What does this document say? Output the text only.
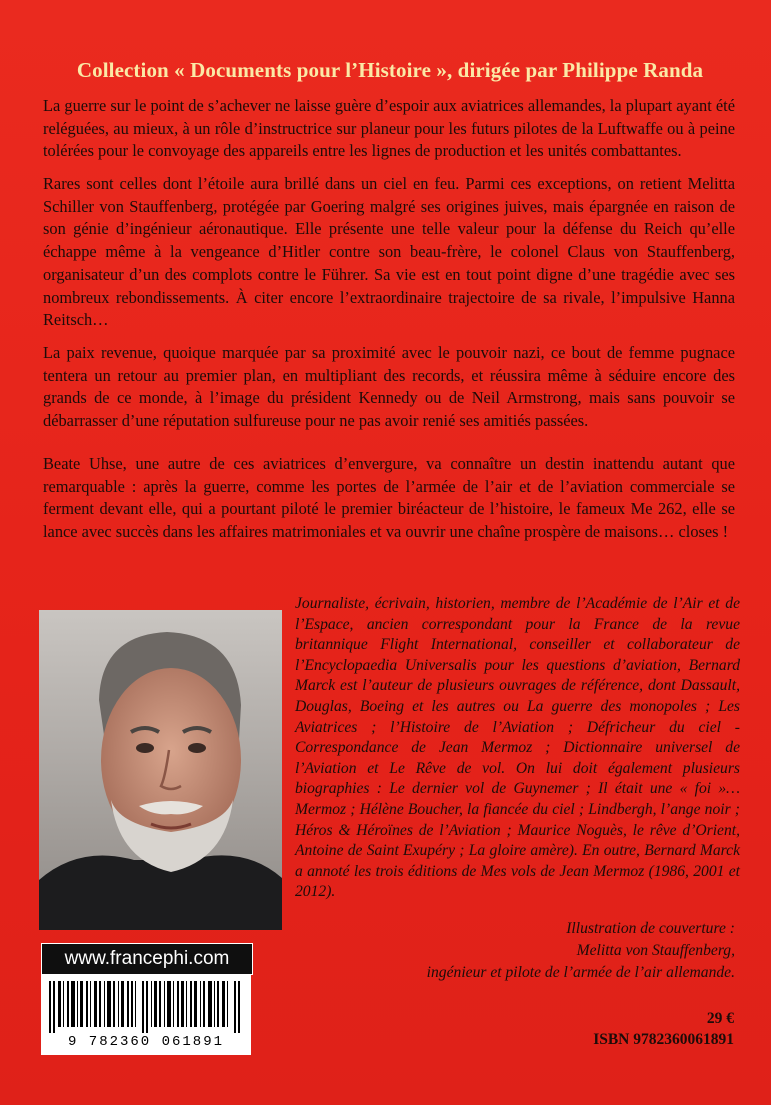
Collection « Documents pour l’Histoire », dirigée par Philippe Randa
La guerre sur le point de s’achever ne laisse guère d’espoir aux aviatrices allemandes, la plupart ayant été reléguées, au mieux, à un rôle d’instructrice sur planeur pour les futurs pilotes de la Luftwaffe ou à peine tolérées pour le convoyage des appareils entre les lignes de production et les unités combattantes.
Rares sont celles dont l’étoile aura brillé dans un ciel en feu. Parmi ces exceptions, on retient Melitta Schiller von Stauffenberg, protégée par Goering malgré ses origines juives, mais épargnée en raison de son génie d’ingénieur aéronautique. Elle présente une telle valeur pour la défense du Reich qu’elle échappe même à la vengeance d’Hitler contre son beau-frère, le colonel Claus von Stauffenberg, organisateur d’un des complots contre le Führer. Sa vie est en tout point digne d’une tragédie avec ses nombreux rebondissements. À citer encore l’extraordinaire trajectoire de sa rivale, l’impulsive Hanna Reitsch…
La paix revenue, quoique marquée par sa proximité avec le pouvoir nazi, ce bout de femme pugnace tentera un retour au premier plan, en multipliant des records, et réussira même à séduire encore des grands de ce monde, à l’image du président Kennedy ou de Neil Armstrong, mais sans pouvoir se débarrasser d’une réputation sulfureuse pour ne pas avoir renié ses amitiés passées.
Beate Uhse, une autre de ces aviatrices d’envergure, va connaître un destin inattendu autant que remarquable : après la guerre, comme les portes de l’armée de l’air et de l’aviation commerciale se ferment devant elle, qui a pourtant piloté le premier biréacteur de l’histoire, le fameux Me 262, elle se lance avec succès dans les affaires matrimoniales et va ouvrir une chaîne prospère de maisons… closes !
Journaliste, écrivain, historien, membre de l’Académie de l’Air et de l’Espace, ancien correspondant pour la France de la revue britannique Flight International, conseiller et collaborateur de l’Encyclopaedia Universalis pour les questions d’aviation, Bernard Marck est l’auteur de plusieurs ouvrages de référence, dont Dassault, Douglas, Boeing et les autres ou La guerre des monopoles ; Les Aviatrices ; l’Histoire de l’Aviation ; Défricheur du ciel - Correspondance de Jean Mermoz ; Dictionnaire universel de l’Aviation et Le Rêve de vol. On lui doit également plusieurs biographies : Le dernier vol de Guynemer ; Il était une « foi »… Mermoz ; Hélène Boucher, la fiancée du ciel ; Lindbergh, l’ange noir ; Héros & Héroïnes de l’Aviation ; Maurice Noguès, le rêve d’Orient, Antoine de Saint Exupéry ; La gloire amère). En outre, Bernard Marck a annoté les trois éditions de Mes vols de Jean Mermoz (1986, 2001 et 2012).
Illustration de couverture :
Melitta von Stauffenberg,
ingénieur et pilote de l’armée de l’air allemande.
www.francephi.com
9 782360 061891
29 €
ISBN 9782360061891
